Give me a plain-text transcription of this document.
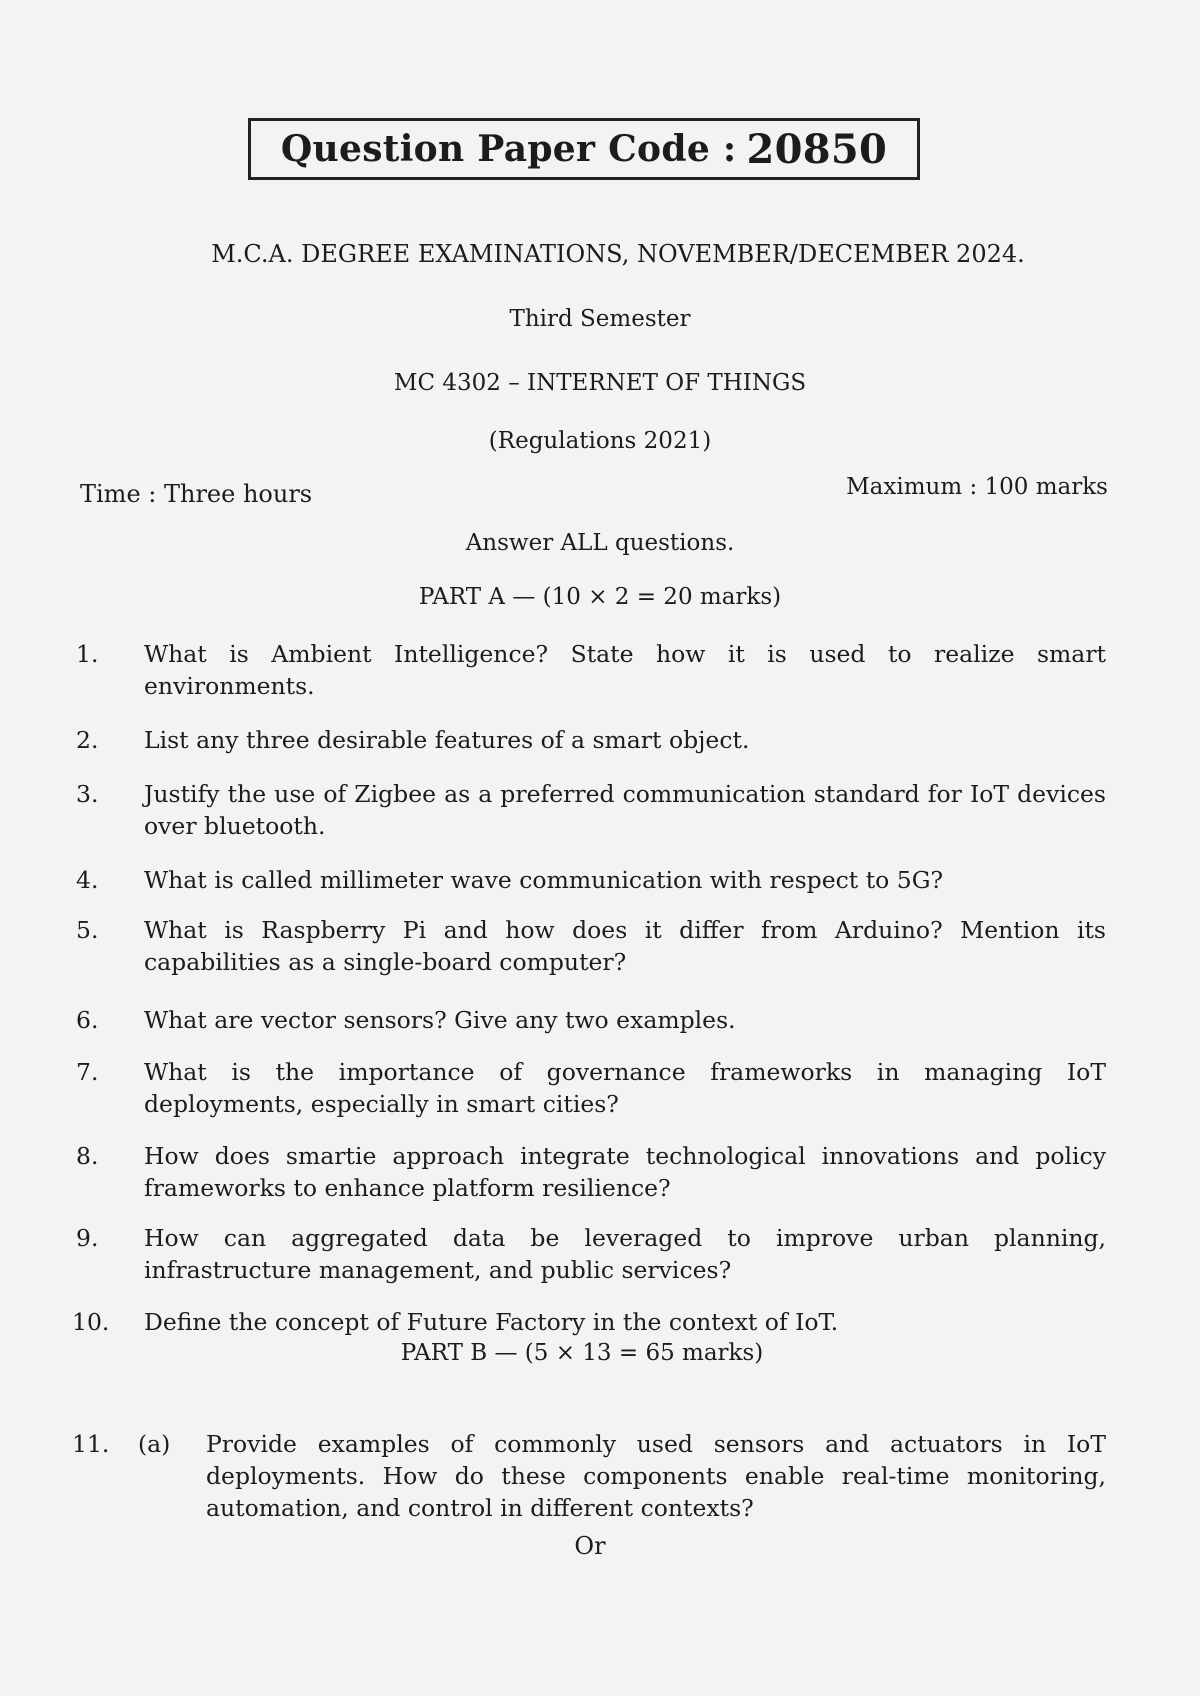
Question Paper Code : 20850
M.C.A. DEGREE EXAMINATIONS, NOVEMBER/DECEMBER 2024.
Third Semester
MC 4302 – INTERNET OF THINGS
(Regulations 2021)
Time : Three hours	Maximum : 100 marks
Answer ALL questions.
PART A — (10 × 2 = 20 marks)
1. What is Ambient Intelligence? State how it is used to realize smart environments.
2. List any three desirable features of a smart object.
3. Justify the use of Zigbee as a preferred communication standard for IoT devices over bluetooth.
4. What is called millimeter wave communication with respect to 5G?
5. What is Raspberry Pi and how does it differ from Arduino? Mention its capabilities as a single-board computer?
6. What are vector sensors? Give any two examples.
7. What is the importance of governance frameworks in managing IoT deployments, especially in smart cities?
8. How does smartie approach integrate technological innovations and policy frameworks to enhance platform resilience?
9. How can aggregated data be leveraged to improve urban planning, infrastructure management, and public services?
10. Define the concept of Future Factory in the context of IoT.
PART B — (5 × 13 = 65 marks)
11. (a) Provide examples of commonly used sensors and actuators in IoT deployments. How do these components enable real-time monitoring, automation, and control in different contexts?
Or
